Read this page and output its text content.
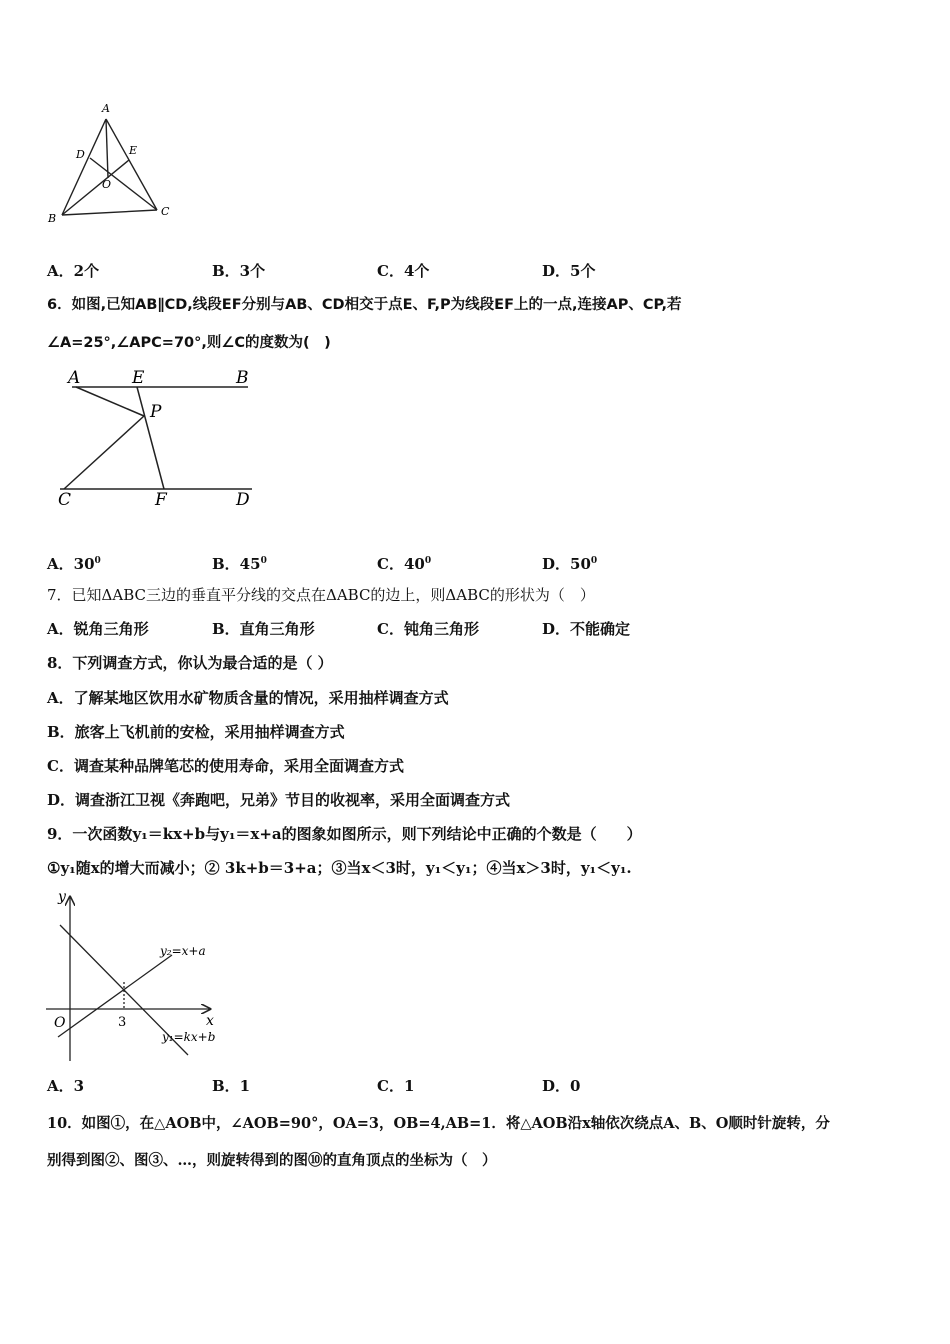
A
B
C
D	E
O
A．2个	B．3个	C．4个	D．5个
6．如图,已知AB∥CD,线段EF分别与AB、CD相交于点E、F,P为线段EF上的一点,连接AP、CP,若
∠A=25°,∠APC=70°,则∠C的度数为(　)
A	E	B
P
C	F	D
A．$30^0$	B．$45^0$	C．$40^0$	D．$50^0$
7．已知ΔABC三边的垂直平分线的交点在ΔABC的边上，则ΔABC的形状为（　）
A．锐角三角形	B．直角三角形	C．钝角三角形	D．不能确定
8．下列调查方式，你认为最合适的是（ ）
A．了解某地区饮用水矿物质含量的情况，采用抽样调查方式
B．旅客上飞机前的安检，采用抽样调查方式
C．调查某种品牌笔芯的使用寿命，采用全面调查方式
D．调查浙江卫视《奔跑吧，兄弟》节目的收视率，采用全面调查方式
9．一次函数y₁＝kx+b与y₁＝x+a的图象如图所示，则下列结论中正确的个数是（　　）
①y₁随x的增大而减小；② 3k+b＝3+a；③当x＜3时，y₁＜y₁；④当x＞3时，y₁＜y₁.
y
x
O	3
y₂=x+a
y₁=kx+b
A．3	B．1	C．1	D．0
10．如图①，在△AOB中，∠AOB=90°，OA=3，OB=4,AB=1．将△AOB沿x轴依次绕点A、B、O顺时针旋转，分
别得到图②、图③、…，则旋转得到的图⑩的直角顶点的坐标为（　）
